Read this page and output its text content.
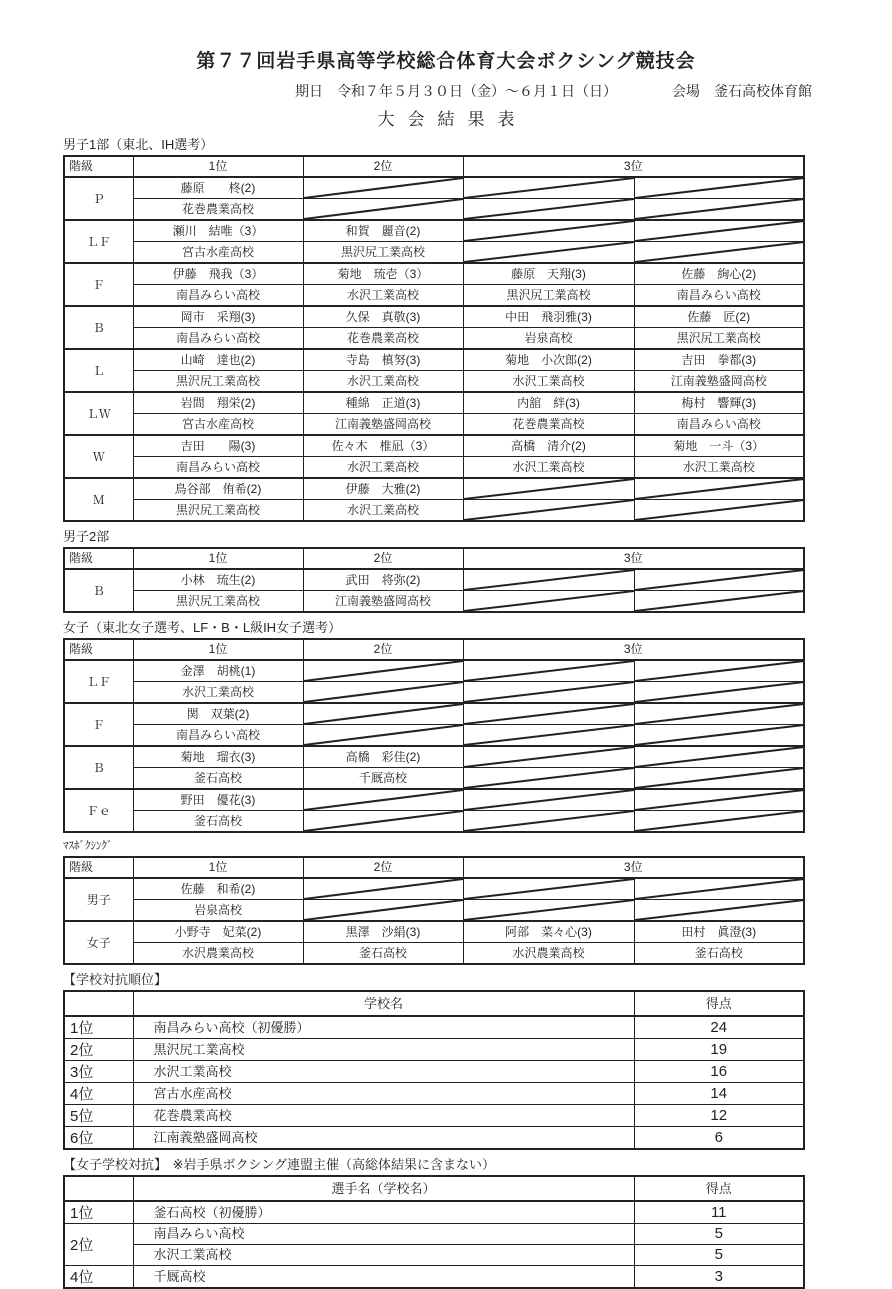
第７７回岩手県高等学校総合体育大会ボクシング競技会
期日　令和７年５月３０日（金）～６月１日（日）	会場　釜石高校体育館
大会結果表
男子1部（東北、IH選考）
階級	1位	2位	3位	
Ｐ	藤原　　柊(2)	

	花巻農業高校	

ＬＦ	瀬川　結唯（3）	和賀　麗音(2)	

	宮古水産高校	黒沢尻工業高校	

Ｆ	伊藤　飛我（3）	菊地　琉壱（3）	藤原　天翔(3)	佐藤　絢心(2)
	南昌みらい高校	水沢工業高校	黒沢尻工業高校	南昌みらい高校
Ｂ	岡市　采翔(3)	久保　真敬(3)	中田　飛羽雅(3)	佐藤　匠(2)
	南昌みらい高校	花巻農業高校	岩泉高校	黒沢尻工業高校
Ｌ	山崎　達也(2)	寺島　槙努(3)	菊地　小次郎(2)	吉田　拳都(3)
	黒沢尻工業高校	水沢工業高校	水沢工業高校	江南義塾盛岡高校
ＬＷ	岩間　翔栄(2)	種綿　正道(3)	内舘　絆(3)	梅村　響輝(3)
	宮古水産高校	江南義塾盛岡高校	花巻農業高校	南昌みらい高校
Ｗ	吉田　　陽(3)	佐々木　椎凪（3）	高橋　清介(2)	菊地　一斗（3）
	南昌みらい高校	水沢工業高校	水沢工業高校	水沢工業高校
Ｍ	鳥谷部　侑希(2)	伊藤　大雅(2)	

	黒沢尻工業高校	水沢工業高校	

男子2部
階級	1位	2位	3位	
Ｂ	小林　琉生(2)	武田　将弥(2)	

	黒沢尻工業高校	江南義塾盛岡高校	

女子（東北女子選考、LF・B・L級IH女子選考）
階級	1位	2位	3位	
ＬＦ	金澤　胡桃(1)	

	水沢工業高校	

Ｆ	関　双葉(2)	

	南昌みらい高校	

Ｂ	菊地　瑠衣(3)	高橋　彩佳(2)	

	釜石高校	千厩高校	

Ｆｅ	野田　優花(3)	

	釜石高校	

ﾏｽﾎﾞｸｼﾝｸﾞ
階級	1位	2位	3位	
男子	佐藤　和希(2)	

	岩泉高校	

女子	小野寺　妃菜(2)	黒澤　沙絹(3)	阿部　菜々心(3)	田村　眞澄(3)
	水沢農業高校	釜石高校	水沢農業高校	釜石高校
【学校対抗順位】
	学校名	得点
1位	南昌みらい高校（初優勝）	24
2位	黒沢尻工業高校	19
3位	水沢工業高校	16
4位	宮古水産高校	14
5位	花巻農業高校	12
6位	江南義塾盛岡高校	6
【女子学校対抗】 ※岩手県ボクシング連盟主催（高総体結果に含まない）
	選手名（学校名）	得点
1位	釜石高校（初優勝）	11
2位	南昌みらい高校	5
	水沢工業高校	5
4位	千厩高校	3
